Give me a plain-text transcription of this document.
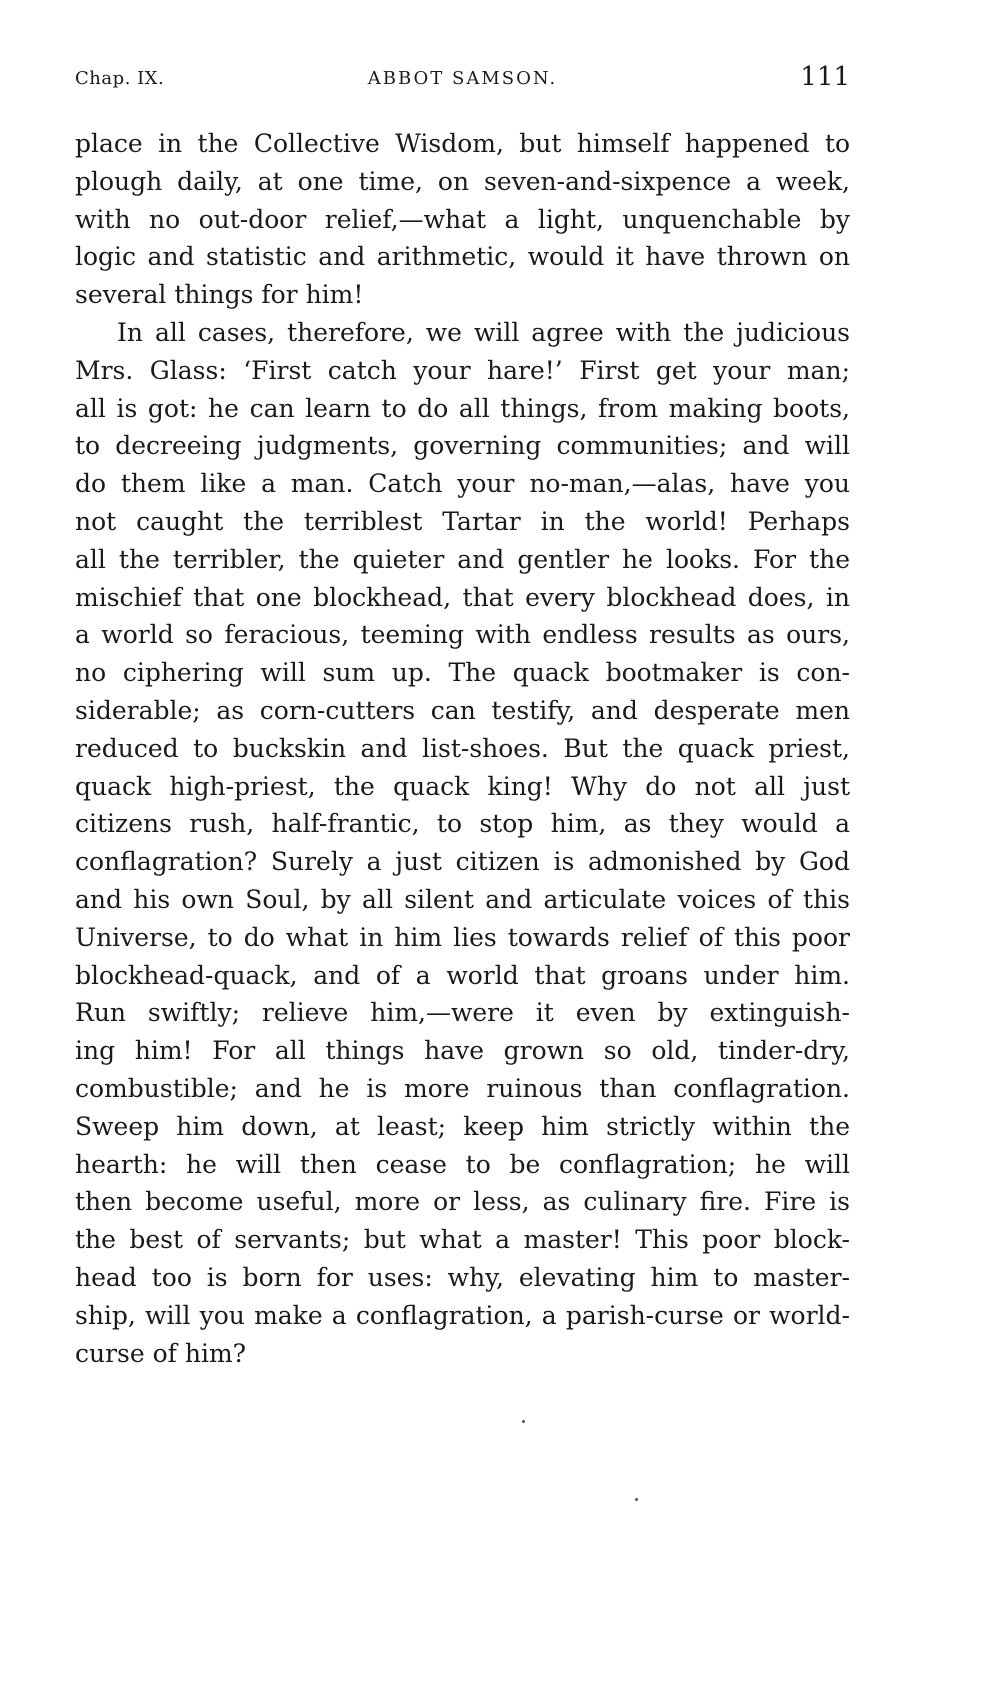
Chap. IX.	ABBOT SAMSON.	111
place in the Collective Wisdom, but himself happened to
plough daily, at one time, on seven-and-sixpence a week,
with no out-door relief,—what a light, unquenchable by
logic and statistic and arithmetic, would it have thrown on
several things for him!
In all cases, therefore, we will agree with the judicious
Mrs. Glass: ‘First catch your hare!’ First get your man;
all is got: he can learn to do all things, from making boots,
to decreeing judgments, governing communities; and will
do them like a man. Catch your no-man,—alas, have you
not caught the terriblest Tartar in the world! Perhaps
all the terribler, the quieter and gentler he looks. For the
mischief that one blockhead, that every blockhead does, in
a world so feracious, teeming with endless results as ours,
no ciphering will sum up. The quack bootmaker is con-
siderable; as corn-cutters can testify, and desperate men
reduced to buckskin and list-shoes. But the quack priest,
quack high-priest, the quack king! Why do not all just
citizens rush, half-frantic, to stop him, as they would a
conflagration? Surely a just citizen is admonished by God
and his own Soul, by all silent and articulate voices of this
Universe, to do what in him lies towards relief of this poor
blockhead-quack, and of a world that groans under him.
Run swiftly; relieve him,—were it even by extinguish-
ing him! For all things have grown so old, tinder-dry,
combustible; and he is more ruinous than conflagration.
Sweep him down, at least; keep him strictly within the
hearth: he will then cease to be conflagration; he will
then become useful, more or less, as culinary fire. Fire is
the best of servants; but what a master! This poor block-
head too is born for uses: why, elevating him to master-
ship, will you make a conflagration, a parish-curse or world-
curse of him?
